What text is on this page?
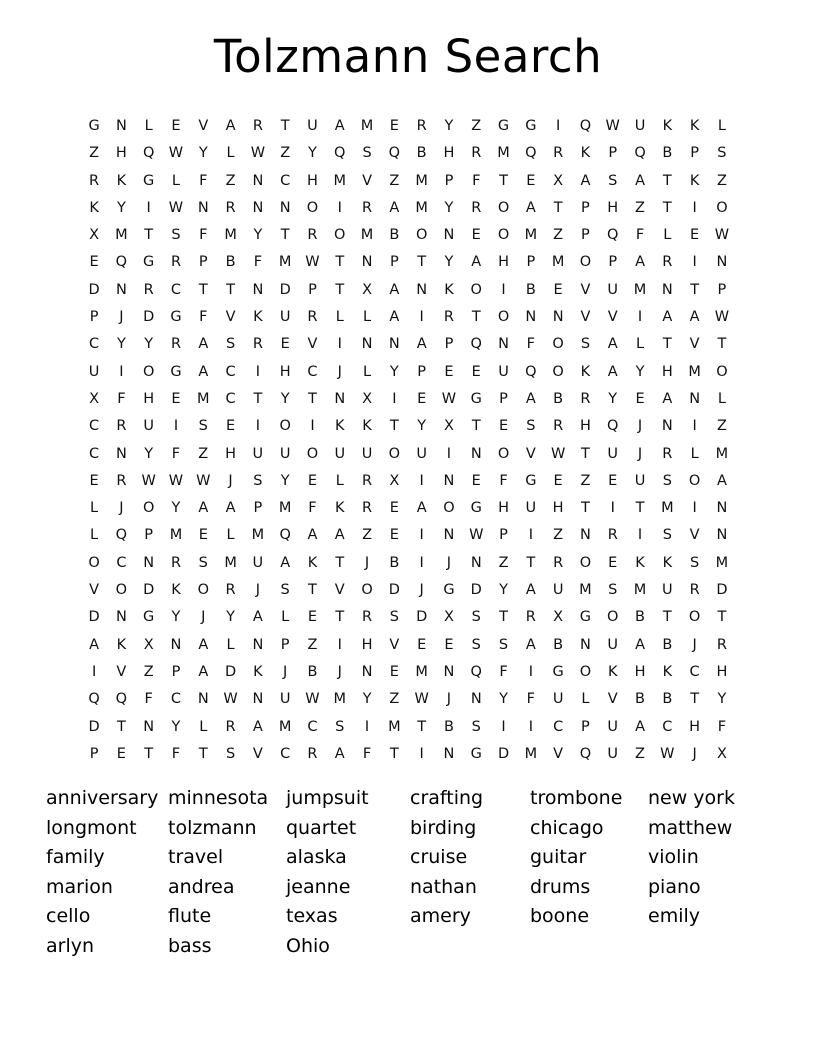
Tolzmann Search
G	N	L	E	V	A	R	T	U	A	M	E	R	Y	Z	G	G	I	Q W	U	K	K	L
Z	H	Q W	Y	L	W	Z	Y	Q	S	Q	B	H	R	M	Q	R	K	P	Q	B	P	S
R	K	G	L	F	Z	N	C	H	M	V	Z	M	P	F	T	E	X	A	S	A	T	K	Z
K	Y	I	W	N	R	N	N	O	I	R	A	M	Y	R	O	A	T	P	H	Z	T	I	O
X	M	T	S	F	M	Y	T	R	O	M	B	O	N	E	O	M	Z	P	Q	F	L	E	W
E	Q	G	R	P	B	F	M W	T	N	P	T	Y	A	H	P	M	O	P	A	R	I	N
D	N	R	C	T	T	N	D	P	T	X	A	N	K	O	I	B	E	V	U	M	N	T	P
P	J	D	G	F	V	K	U	R	L	L	A	I	R	T	O	N	N	V	V	I	A	A	W
C	Y	Y	R	A	S	R	E	V	I	N	N	A	P	Q	N	F	O	S	A	L	T	V	T
U	I	O	G	A	C	I	H	C	J	L	Y	P	E	E	U	Q	O	K	A	Y	H	M	O
X	F	H	E	M	C	T	Y	T	N	X	I	E	W	G	P	A	B	R	Y	E	A	N	L
C	R	U	I	S	E	I	O	I	K	K	T	Y	X	T	E	S	R	H	Q	J	N	I	Z
C	N	Y	F	Z	H	U	U	O	U	U	O	U	I	N	O	V	W	T	U	J	R	L	M
E	R	W W W	J	S	Y	E	L	R	X	I	N	E	F	G	E	Z	E	U	S	O	A
L	J	O	Y	A	A	P	M	F	K	R	E	A	O	G	H	U	H	T	I	T	M	I	N
L	Q	P	M	E	L	M	Q	A	A	Z	E	I	N	W	P	I	Z	N	R	I	S	V	N
O	C	N	R	S	M	U	A	K	T	J	B	I	J	N	Z	T	R	O	E	K	K	S	M
V	O	D	K	O	R	J	S	T	V	O	D	J	G	D	Y	A	U	M	S	M	U	R	D
D	N	G	Y	J	Y	A	L	E	T	R	S	D	X	S	T	R	X	G	O	B	T	O	T
A	K	X	N	A	L	N	P	Z	I	H	V	E	E	S	S	A	B	N	U	A	B	J	R
I	V	Z	P	A	D	K	J	B	J	N	E	M	N	Q	F	I	G	O	K	H	K	C	H
Q	Q	F	C	N	W	N	U	W M	Y	Z	W	J	N	Y	F	U	L	V	B	B	T	Y
D	T	N	Y	L	R	A	M	C	S	I	M	T	B	S	I	I	C	P	U	A	C	H	F
P	E	T	F	T	S	V	C	R	A	F	T	I	N	G	D	M	V	Q	U	Z	W	J	X
anniversary
longmont
family
marion
cello
arlyn
minnesota
tolzmann
travel
andrea
flute
bass
jumpsuit
quartet
alaska
jeanne
texas
Ohio
crafting
birding
cruise
nathan
amery
trombone
chicago
guitar
drums
boone
new york
matthew
violin
piano
emily
